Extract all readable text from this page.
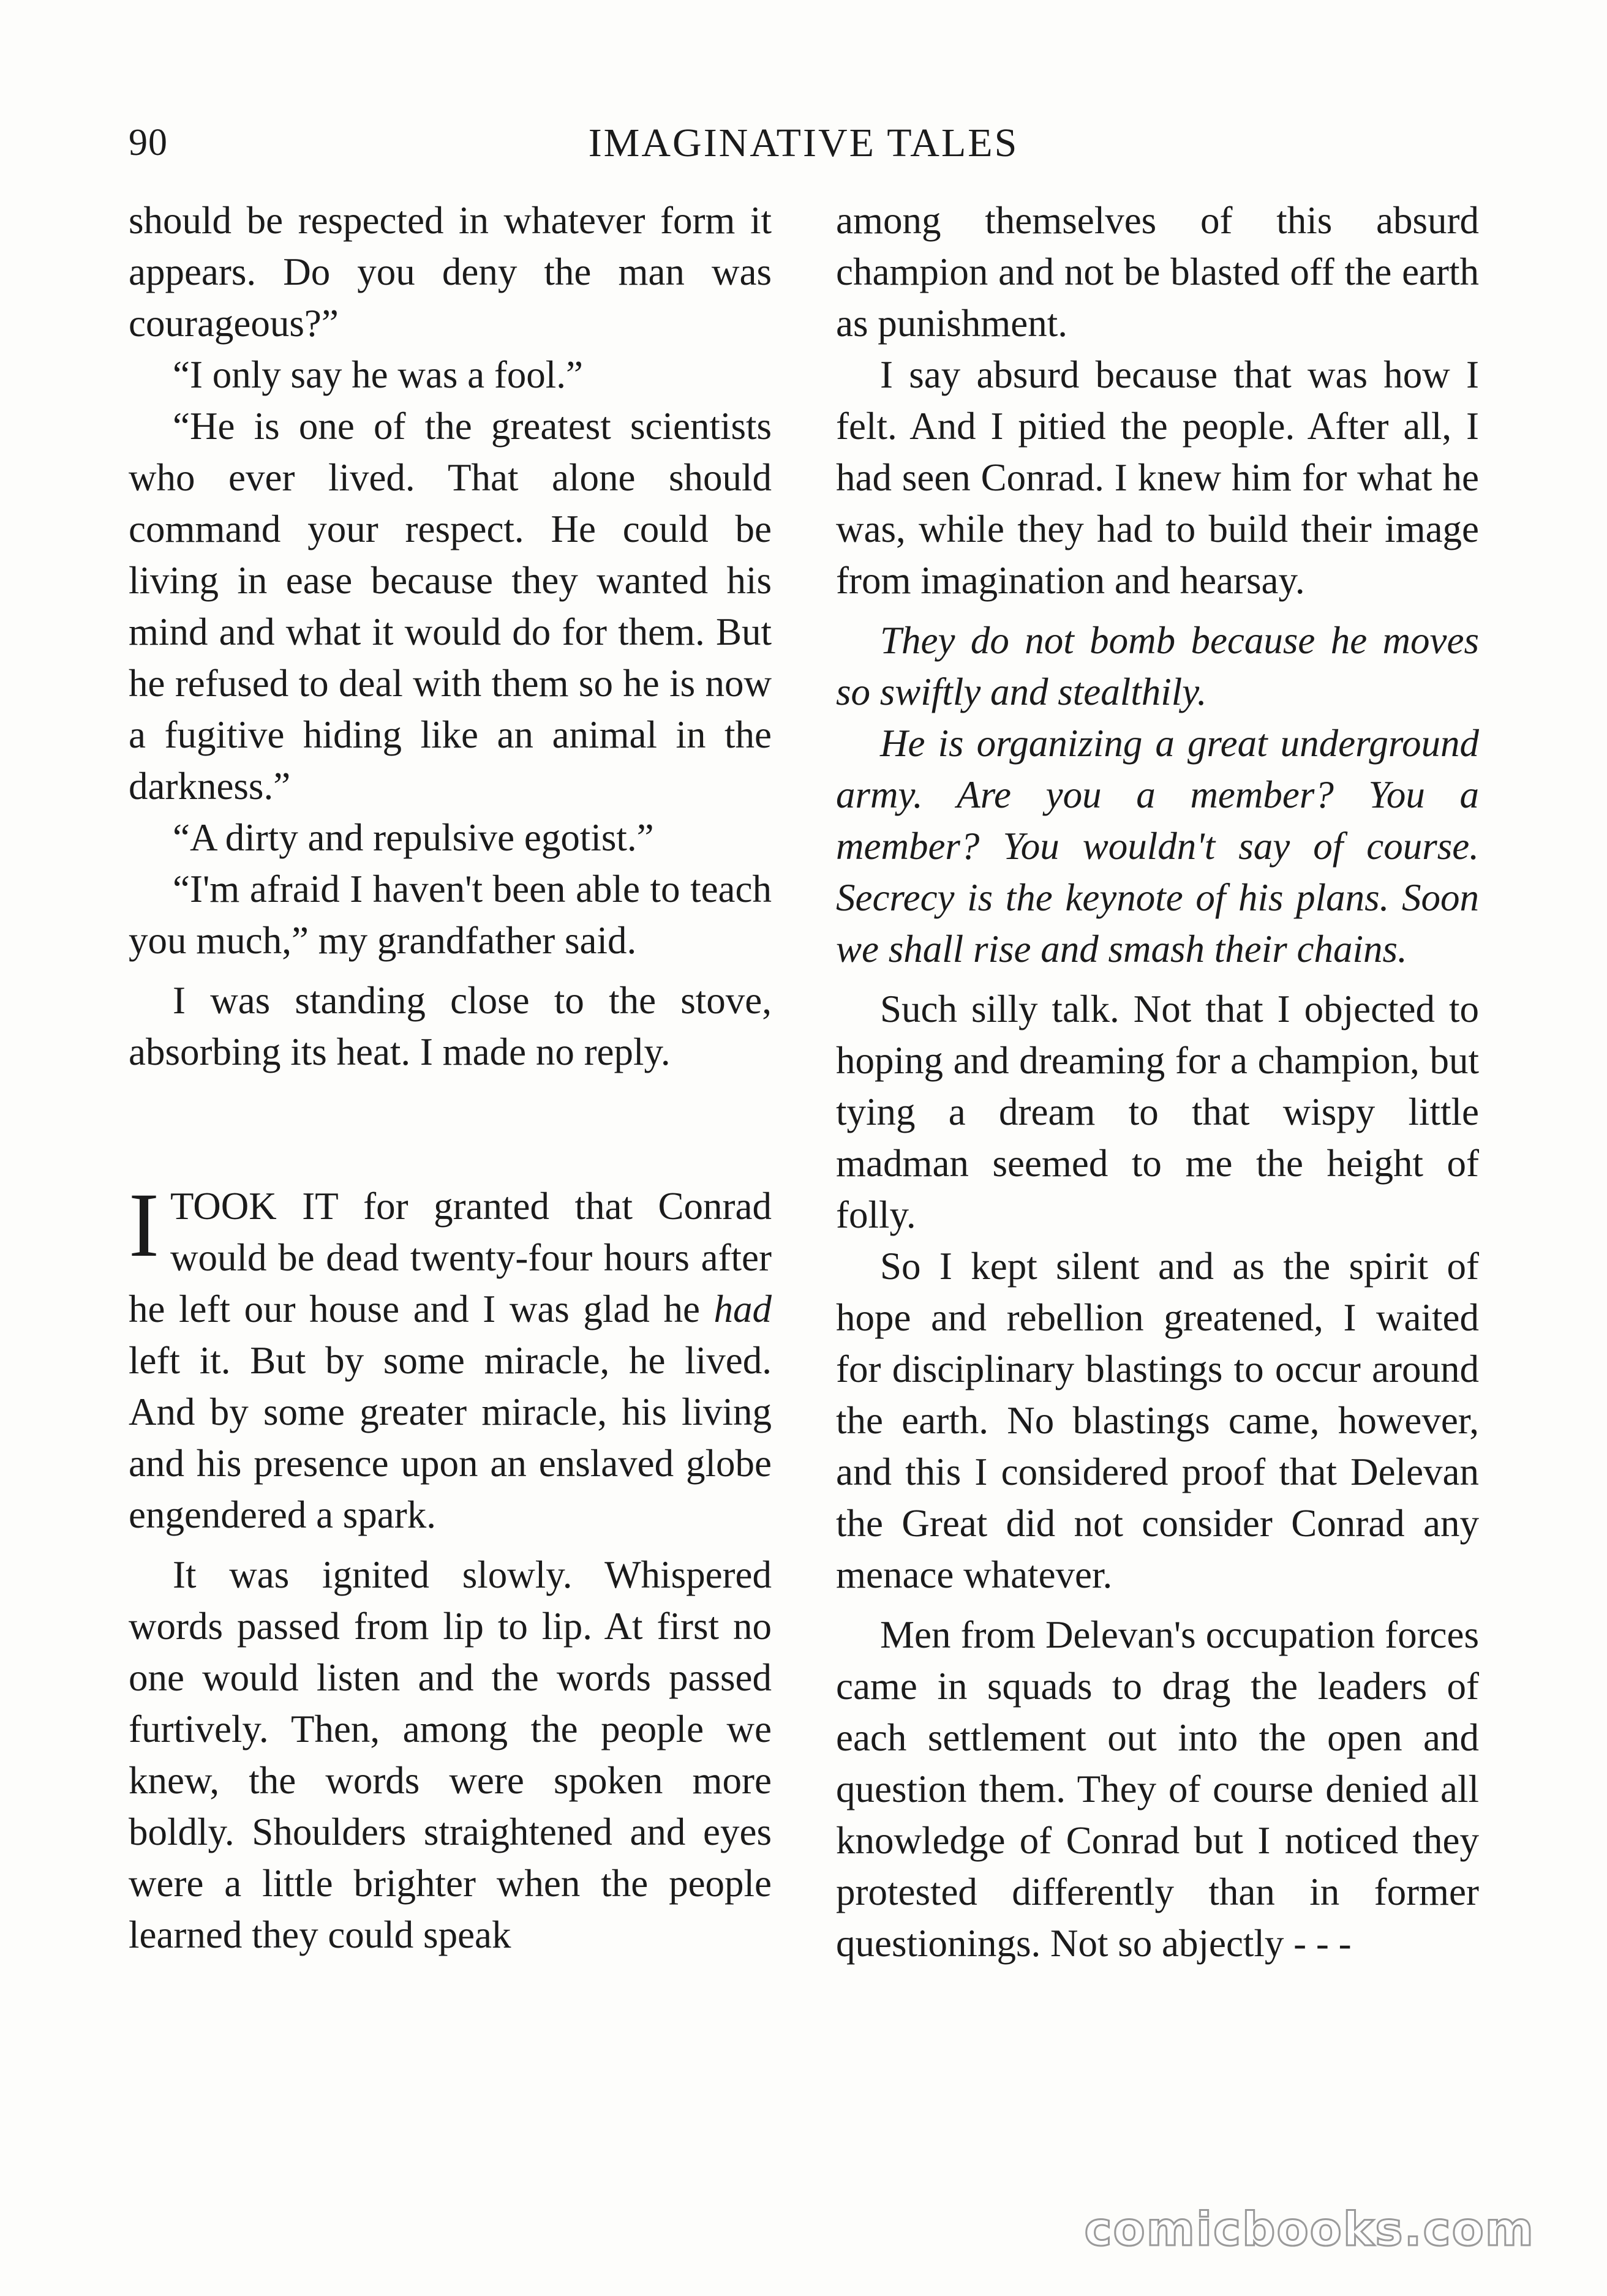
90	IMAGINATIVE TALES

should be respected in whatever form it appears. Do you deny the man was courageous?”

“I only say he was a fool.”

“He is one of the greatest scientists who ever lived. That alone should command your respect. He could be living in ease because they wanted his mind and what it would do for them. But he refused to deal with them so he is now a fugitive hiding like an animal in the darkness.”

“A dirty and repulsive egotist.”

“I'm afraid I haven't been able to teach you much,” my grandfather said.

I was standing close to the stove, absorbing its heat. I made no reply.

ITOOK IT for granted that Conrad would be dead twenty-four hours after he left our house and I was glad he had left it. But by some miracle, he lived. And by some greater miracle, his living and his presence upon an enslaved globe engendered a spark.

It was ignited slowly. Whispered words passed from lip to lip. At first no one would listen and the words passed furtively. Then, among the people we knew, the words were spoken more boldly. Shoulders straightened and eyes were a little brighter when the people learned they could speak

among themselves of this absurd champion and not be blasted off the earth as punishment.

I say absurd because that was how I felt. And I pitied the people. After all, I had seen Conrad. I knew him for what he was, while they had to build their image from imagination and hearsay.

They do not bomb because he moves so swiftly and stealthily.

He is organizing a great underground army. Are you a member? You a member? You wouldn't say of course. Secrecy is the keynote of his plans. Soon we shall rise and smash their chains.

Such silly talk. Not that I objected to hoping and dreaming for a champion, but tying a dream to that wispy little madman seemed to me the height of folly.

So I kept silent and as the spirit of hope and rebellion greatened, I waited for disciplinary blastings to occur around the earth. No blastings came, however, and this I considered proof that Delevan the Great did not consider Conrad any menace whatever.

Men from Delevan's occupation forces came in squads to drag the leaders of each settlement out into the open and question them. They of course denied all knowledge of Conrad but I noticed they protested differently than in former questionings. Not so abjectly - - -

comicbooks.com
